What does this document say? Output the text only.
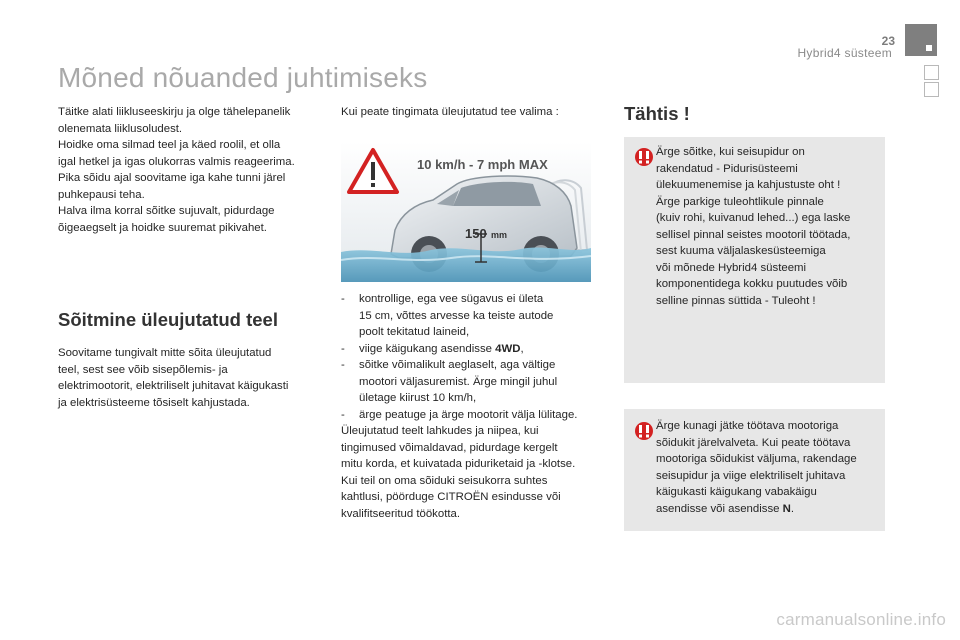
23
Hybrid4 süsteem
Mõned nõuanded juhtimiseks
Täitke alati liikluseeskirju ja olge tähelepanelik
olenemata liiklusoludest.
Hoidke oma silmad teel ja käed roolil, et olla
igal hetkel ja igas olukorras valmis reageerima.
Pika sõidu ajal soovitame iga kahe tunni järel
puhkepausi teha.
Halva ilma korral sõitke sujuvalt, pidurdage
õigeaegselt ja hoidke suuremat pikivahet.
Sõitmine üleujutatud teel
Soovitame tungivalt mitte sõita üleujutatud
teel, sest see võib sisepõlemis- ja
elektrimootorit, elektriliselt juhitavat käigukasti
ja elektrisüsteeme tõsiselt kahjustada.
Kui peate tingimata üleujutatud tee valima :
10 km/h - 7 mph MAX
150 mm
- kontrollige, ega vee sügavus ei ületa
15 cm, võttes arvesse ka teiste autode
poolt tekitatud laineid,
- viige käigukang asendisse 4WD,
- sõitke võimalikult aeglaselt, aga vältige
mootori väljasuremist. Ärge mingil juhul
ületage kiirust 10 km/h,
- ärge peatuge ja ärge mootorit välja lülitage.
Üleujutatud teelt lahkudes ja niipea, kui
tingimused võimaldavad, pidurdage kergelt
mitu korda, et kuivatada piduriketaid ja -klotse.
Kui teil on oma sõiduki seisukorra suhtes
kahtlusi, pöörduge CITROËN esindusse või
kvalifitseeritud töökotta.
Tähtis !
Ärge sõitke, kui seisupidur on
rakendatud - Pidurisüsteemi
ülekuumenemise ja kahjustuste oht !
Ärge parkige tuleohtlikule pinnale
(kuiv rohi, kuivanud lehed...) ega laske
sellisel pinnal seistes mootoril töötada,
sest kuuma väljalaskesüsteemiga
või mõnede Hybrid4 süsteemi
komponentidega kokku puutudes võib
selline pinnas süttida - Tuleoht !
Ärge kunagi jätke töötava mootoriga
sõidukit järelvalveta. Kui peate töötava
mootoriga sõidukist väljuma, rakendage
seisupidur ja viige elektriliselt juhitava
käigukasti käigukang vabakäigu
asendisse või asendisse N.
carmanualsonline.info
